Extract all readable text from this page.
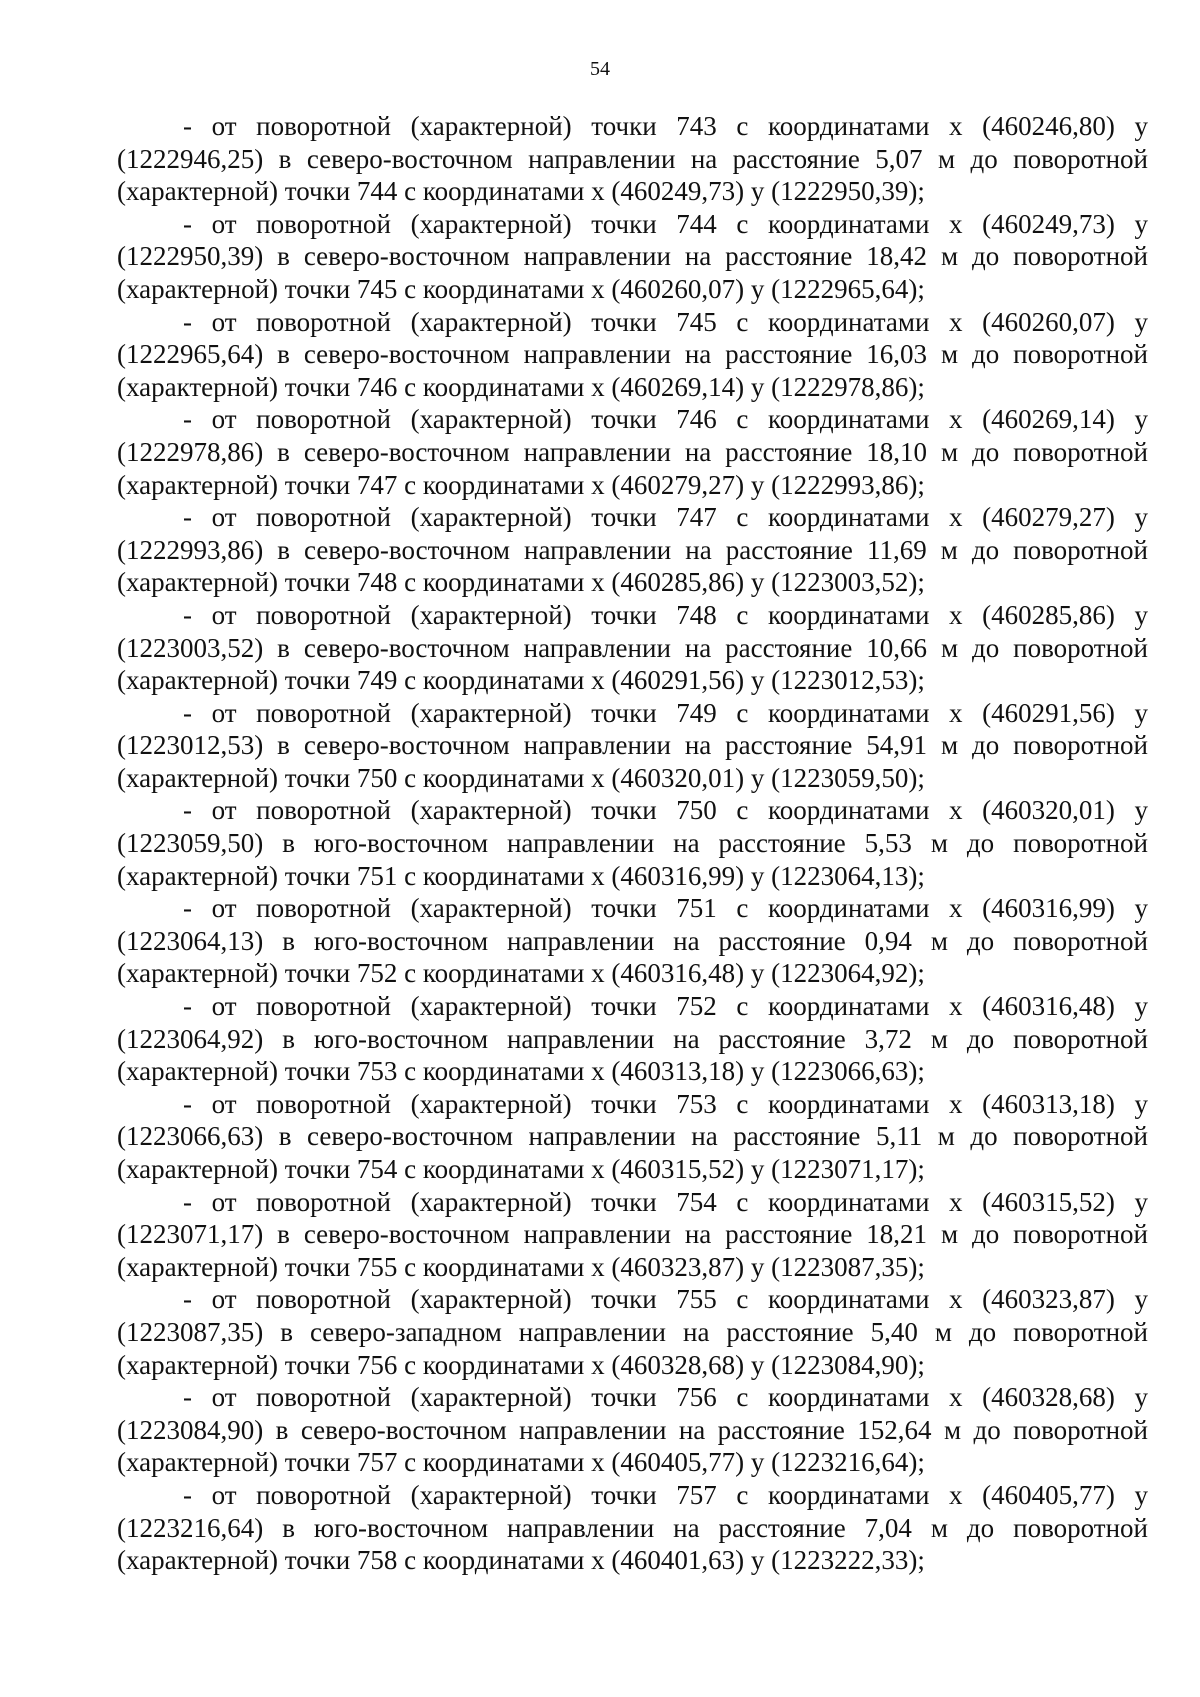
54

- от поворотной (характерной) точки 743 с координатами х (460246,80) у (1222946,25) в северо-восточном направлении на расстояние 5,07 м до поворотной (характерной) точки 744 с координатами х (460249,73) у (1222950,39);

- от поворотной (характерной) точки 744 с координатами х (460249,73) у (1222950,39) в северо-восточном направлении на расстояние 18,42 м до поворотной (характерной) точки 745 с координатами х (460260,07) у (1222965,64);

- от поворотной (характерной) точки 745 с координатами х (460260,07) у (1222965,64) в северо-восточном направлении на расстояние 16,03 м до поворотной (характерной) точки 746 с координатами х (460269,14) у (1222978,86);

- от поворотной (характерной) точки 746 с координатами х (460269,14) у (1222978,86) в северо-восточном направлении на расстояние 18,10 м до поворотной (характерной) точки 747 с координатами х (460279,27) у (1222993,86);

- от поворотной (характерной) точки 747 с координатами х (460279,27) у (1222993,86) в северо-восточном направлении на расстояние 11,69 м до поворотной (характерной) точки 748 с координатами х (460285,86) у (1223003,52);

- от поворотной (характерной) точки 748 с координатами х (460285,86) у (1223003,52) в северо-восточном направлении на расстояние 10,66 м до поворотной (характерной) точки 749 с координатами х (460291,56) у (1223012,53);

- от поворотной (характерной) точки 749 с координатами х (460291,56) у (1223012,53) в северо-восточном направлении на расстояние 54,91 м до поворотной (характерной) точки 750 с координатами х (460320,01) у (1223059,50);

- от поворотной (характерной) точки 750 с координатами х (460320,01) у (1223059,50) в юго-восточном направлении на расстояние 5,53 м до поворотной (характерной) точки 751 с координатами х (460316,99) у (1223064,13);

- от поворотной (характерной) точки 751 с координатами х (460316,99) у (1223064,13) в юго-восточном направлении на расстояние 0,94 м до поворотной (характерной) точки 752 с координатами х (460316,48) у (1223064,92);

- от поворотной (характерной) точки 752 с координатами х (460316,48) у (1223064,92) в юго-восточном направлении на расстояние 3,72 м до поворотной (характерной) точки 753 с координатами х (460313,18) у (1223066,63);

- от поворотной (характерной) точки 753 с координатами х (460313,18) у (1223066,63) в северо-восточном направлении на расстояние 5,11 м до поворотной (характерной) точки 754 с координатами х (460315,52) у (1223071,17);

- от поворотной (характерной) точки 754 с координатами х (460315,52) у (1223071,17) в северо-восточном направлении на расстояние 18,21 м до поворотной (характерной) точки 755 с координатами х (460323,87) у (1223087,35);

- от поворотной (характерной) точки 755 с координатами х (460323,87) у (1223087,35) в северо-западном направлении на расстояние 5,40 м до поворотной (характерной) точки 756 с координатами х (460328,68) у (1223084,90);

- от поворотной (характерной) точки 756 с координатами х (460328,68) у (1223084,90) в северо-восточном направлении на расстояние 152,64 м до поворотной (характерной) точки 757 с координатами х (460405,77) у (1223216,64);

- от поворотной (характерной) точки 757 с координатами х (460405,77) у (1223216,64) в юго-восточном направлении на расстояние 7,04 м до поворотной (характерной) точки 758 с координатами х (460401,63) у (1223222,33);
